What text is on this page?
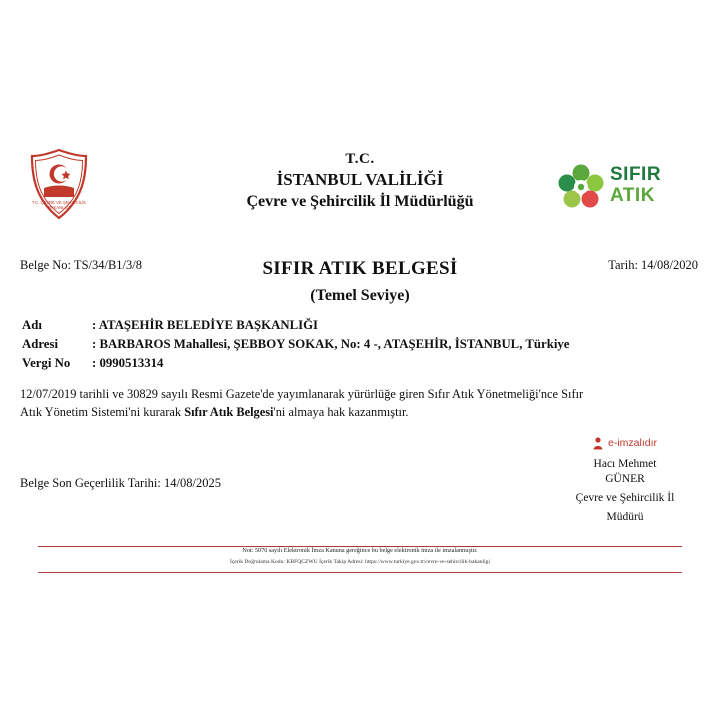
T.C. ÇEVRE VE ŞEHİRCİLİK
BAKANLIĞI
T.C.
İSTANBUL VALİLİĞİ
Çevre ve Şehircilik İl Müdürlüğü
SIFIR
ATIK
Belge No: TS/34/B1/3/8	Tarih: 14/08/2020
SIFIR ATIK BELGESİ
(Temel Seviye)
Adı	: ATAŞEHİR BELEDİYE BAŞKANLIĞI
Adresi	: BARBAROS Mahallesi, ŞEBBOY SOKAK, No: 4 -, ATAŞEHİR, İSTANBUL, Türkiye
Vergi No	: 0990513314
12/07/2019 tarihli ve 30829 sayılı Resmi Gazete'de yayımlanarak yürürlüğe giren Sıfır Atık Yönetmeliği'nce Sıfır Atık Yönetim Sistemi'ni kurarak Sıfır Atık Belgesi'ni almaya hak kazanmıştır.
Belge Son Geçerlilik Tarihi: 14/08/2025
e-imzalıdır
Hacı Mehmet
GÜNER
Çevre ve Şehircilik İl
Müdürü
Not: 5070 sayılı Elektronik İmza Kanuna gereğince bu belge elektronik imza ile imzalanmıştır.
İçerik Doğrulama Kodu: KBFQCZWU İçerik Takip Adresi: https://www.turkiye.gov.tr/cevre-ve-sehircilik-bakanligi
